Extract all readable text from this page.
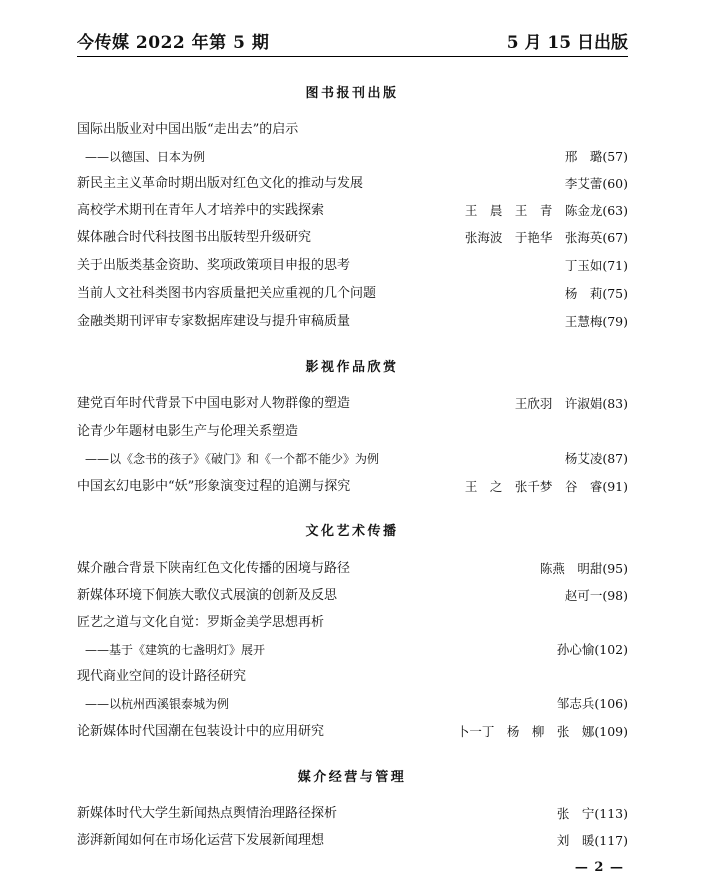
今传媒 2022 年第 5 期	5 月 15 日出版
图书报刊出版
国际出版业对中国出版“走出去”的启示
——以德国、日本为例	邢　璐(57)
新民主主义革命时期出版对红色文化的推动与发展	李艾蕾(60)
高校学术期刊在青年人才培养中的实践探索	王　晨　王　青　陈金龙(63)
媒体融合时代科技图书出版转型升级研究	张海波　于艳华　张海英(67)
关于出版类基金资助、奖项政策项目申报的思考	丁玉如(71)
当前人文社科类图书内容质量把关应重视的几个问题	杨　莉(75)
金融类期刊评审专家数据库建设与提升审稿质量	王慧梅(79)
影视作品欣赏
建党百年时代背景下中国电影对人物群像的塑造	王欣羽　许淑娟(83)
论青少年题材电影生产与伦理关系塑造
——以《念书的孩子》《破门》和《一个都不能少》为例	杨艾凌(87)
中国玄幻电影中“妖”形象演变过程的追溯与探究	王　之　张千梦　谷　睿(91)
文化艺术传播
媒介融合背景下陕南红色文化传播的困境与路径	陈燕　明甜(95)
新媒体环境下侗族大歌仪式展演的创新及反思	赵可一(98)
匠艺之道与文化自觉：罗斯金美学思想再析
——基于《建筑的七盏明灯》展开	孙心愉(102)
现代商业空间的设计路径研究
——以杭州西溪银泰城为例	邹志兵(106)
论新媒体时代国潮在包装设计中的应用研究	卜一丁　杨　柳　张　娜(109)
媒介经营与管理
新媒体时代大学生新闻热点舆情治理路径探析	张　宁(113)
澎湃新闻如何在市场化运营下发展新闻理想	刘　暖(117)
— 2 —
